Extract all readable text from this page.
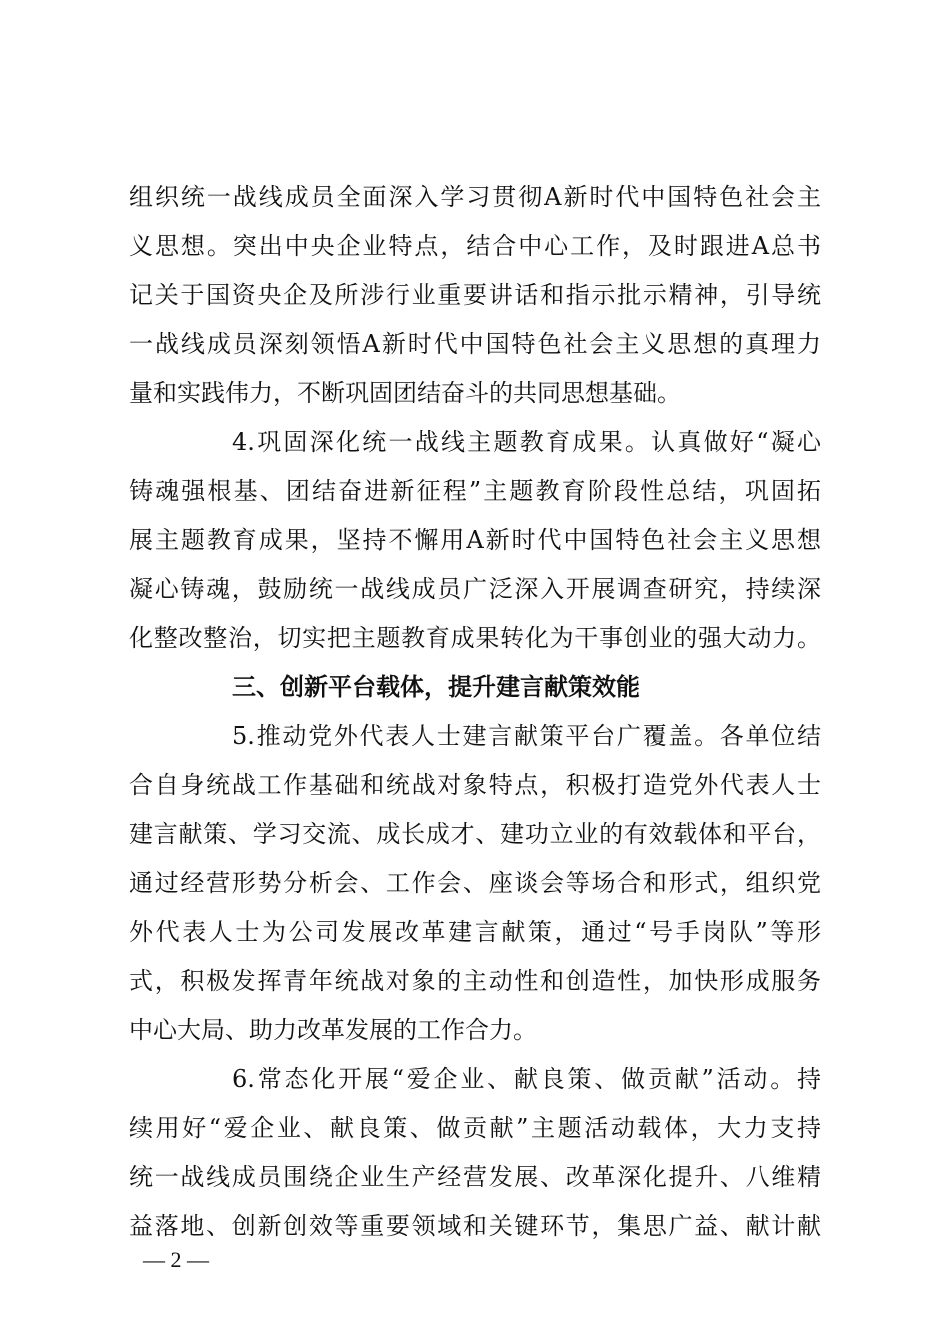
组织统一战线成员全面深入学习贯彻A新时代中国特色社会主
义思想。突出中央企业特点，结合中心工作，及时跟进A总书
记关于国资央企及所涉行业重要讲话和指示批示精神，引导统
一战线成员深刻领悟A新时代中国特色社会主义思想的真理力
量和实践伟力，不断巩固团结奋斗的共同思想基础。
4.巩固深化统一战线主题教育成果。认真做好“凝心
铸魂强根基、团结奋进新征程”主题教育阶段性总结，巩固拓
展主题教育成果，坚持不懈用A新时代中国特色社会主义思想
凝心铸魂，鼓励统一战线成员广泛深入开展调查研究，持续深
化整改整治，切实把主题教育成果转化为干事创业的强大动力。
三、创新平台载体，提升建言献策效能
5.推动党外代表人士建言献策平台广覆盖。各单位结
合自身统战工作基础和统战对象特点，积极打造党外代表人士
建言献策、学习交流、成长成才、建功立业的有效载体和平台，
通过经营形势分析会、工作会、座谈会等场合和形式，组织党
外代表人士为公司发展改革建言献策，通过“号手岗队”等形
式，积极发挥青年统战对象的主动性和创造性，加快形成服务
中心大局、助力改革发展的工作合力。
6.常态化开展“爱企业、献良策、做贡献”活动。持
续用好“爱企业、献良策、做贡献”主题活动载体，大力支持
统一战线成员围绕企业生产经营发展、改革深化提升、八维精
益落地、创新创效等重要领域和关键环节，集思广益、献计献
— 2 —
